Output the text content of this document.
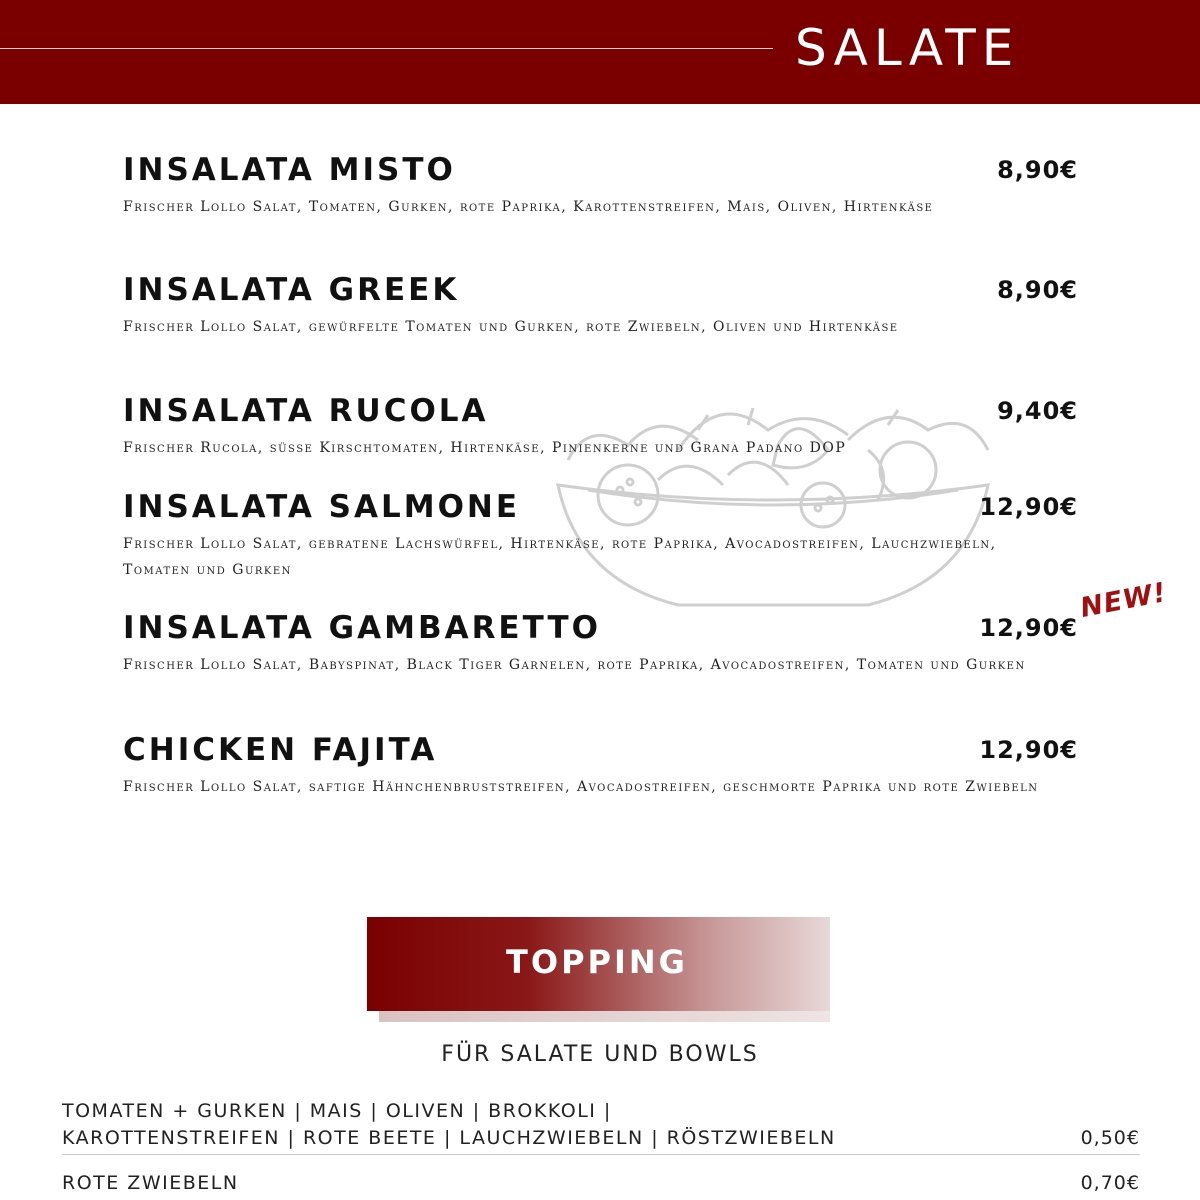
SALATE
INSALATA MISTO	8,90€
Frischer Lollo Salat, Tomaten, Gurken, rote Paprika, Karottenstreifen, Mais, Oliven, Hirtenkäse
INSALATA GREEK	8,90€
Frischer Lollo Salat, gewürfelte Tomaten und Gurken, rote Zwiebeln, Oliven und Hirtenkäse
INSALATA RUCOLA	9,40€
Frischer Rucola, süsse Kirschtomaten, Hirtenkäse, Pinienkerne und Grana Padano DOP
INSALATA SALMONE	12,90€
Frischer Lollo Salat, gebratene Lachswürfel, Hirtenkäse, rote Paprika, Avocadostreifen, Lauchzwiebeln, Tomaten und Gurken
INSALATA GAMBARETTO	12,90€
Frischer Lollo Salat, Babyspinat, Black Tiger Garnelen, rote Paprika, Avocadostreifen, Tomaten und Gurken
NEW!
CHICKEN FAJITA	12,90€
Frischer Lollo Salat, saftige Hähnchenbruststreifen, Avocadostreifen, geschmorte Paprika und rote Zwiebeln
TOPPING
FÜR SALATE UND BOWLS
TOMATEN + GURKEN | MAIS | OLIVEN | BROKKOLI |
KAROTTENSTREIFEN | ROTE BEETE | LAUCHZWIEBELN | RÖSTZWIEBELN	0,50€
ROTE ZWIEBELN	0,70€
